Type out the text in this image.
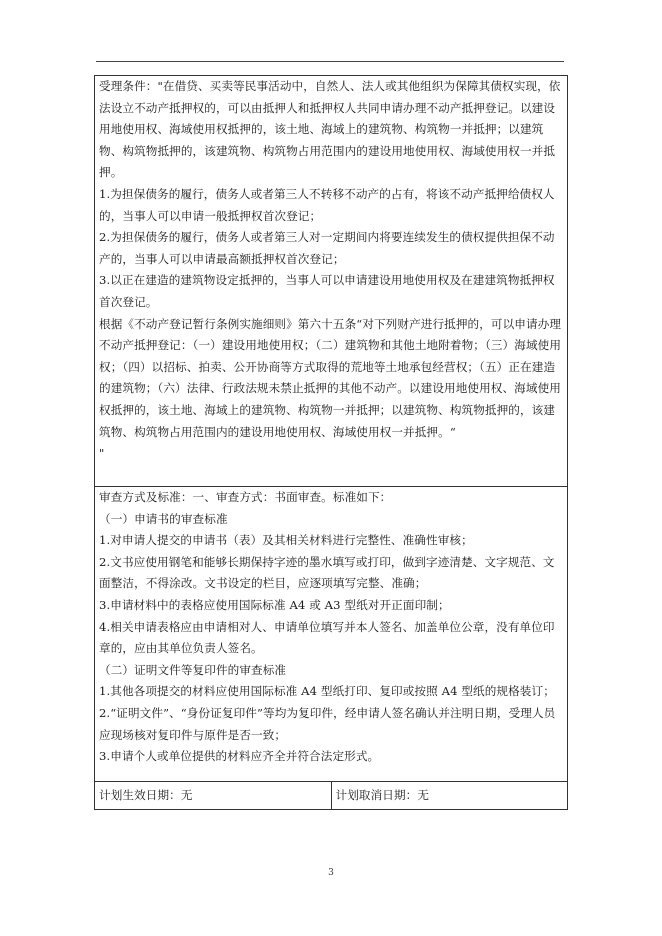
受理条件："在借贷、买卖等民事活动中，自然人、法人或其他组织为保障其债权实现，依法设立不动产抵押权的，可以由抵押人和抵押权人共同申请办理不动产抵押登记。以建设用地使用权、海域使用权抵押的，该土地、海域上的建筑物、构筑物一并抵押；以建筑物、构筑物抵押的，该建筑物、构筑物占用范围内的建设用地使用权、海域使用权一并抵押。
1.为担保债务的履行，债务人或者第三人不转移不动产的占有，将该不动产抵押给债权人的，当事人可以申请一般抵押权首次登记；
2.为担保债务的履行，债务人或者第三人对一定期间内将要连续发生的债权提供担保不动产的，当事人可以申请最高额抵押权首次登记；
3.以正在建造的建筑物设定抵押的，当事人可以申请建设用地使用权及在建建筑物抵押权首次登记。
根据《不动产登记暂行条例实施细则》第六十五条“对下列财产进行抵押的，可以申请办理不动产抵押登记：（一）建设用地使用权；（二）建筑物和其他土地附着物；（三）海域使用权；（四）以招标、拍卖、公开协商等方式取得的荒地等土地承包经营权；（五）正在建造的建筑物；（六）法律、行政法规未禁止抵押的其他不动产。以建设用地使用权、海域使用权抵押的，该土地、海域上的建筑物、构筑物一并抵押；以建筑物、构筑物抵押的，该建筑物、构筑物占用范围内的建设用地使用权、海域使用权一并抵押。“
"

审查方式及标准：一、审查方式：书面审查。标准如下：
（一）申请书的审查标准
1.对申请人提交的申请书（表）及其相关材料进行完整性、准确性审核；
2.文书应使用钢笔和能够长期保持字迹的墨水填写或打印，做到字迹清楚、文字规范、文面整洁，不得涂改。文书设定的栏目，应逐项填写完整、准确；
3.申请材料中的表格应使用国际标准 A4 或 A3 型纸对开正面印制；
4.相关申请表格应由申请相对人、申请单位填写并本人签名、加盖单位公章，没有单位印章的，应由其单位负责人签名。
（二）证明文件等复印件的审查标准
1.其他各项提交的材料应使用国际标准 A4 型纸打印、复印或按照 A4 型纸的规格装订；
2.“证明文件”、“身份证复印件”等均为复印件，经申请人签名确认并注明日期，受理人员应现场核对复印件与原件是否一致；
3.申请个人或单位提供的材料应齐全并符合法定形式。

计划生效日期：无	计划取消日期：无
3
